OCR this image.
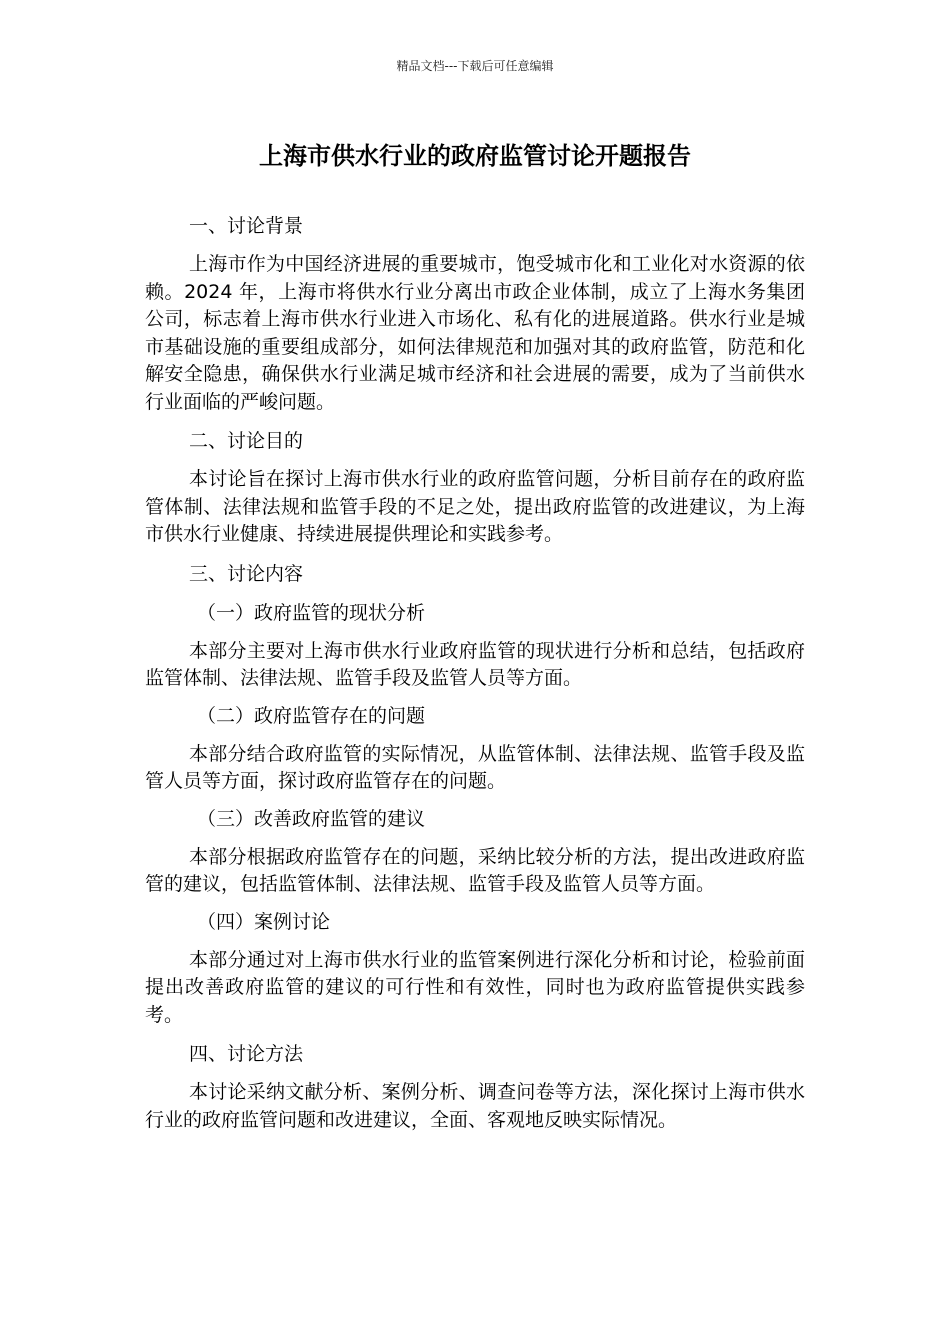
精品文档---下载后可任意编辑
上海市供水行业的政府监管讨论开题报告
一、讨论背景

上海市作为中国经济进展的重要城市，饱受城市化和工业化对水资源的依赖。2024 年，上海市将供水行业分离出市政企业体制，成立了上海水务集团公司，标志着上海市供水行业进入市场化、私有化的进展道路。供水行业是城市基础设施的重要组成部分，如何法律规范和加强对其的政府监管，防范和化解安全隐患，确保供水行业满足城市经济和社会进展的需要，成为了当前供水行业面临的严峻问题。

二、讨论目的

本讨论旨在探讨上海市供水行业的政府监管问题，分析目前存在的政府监管体制、法律法规和监管手段的不足之处，提出政府监管的改进建议，为上海市供水行业健康、持续进展提供理论和实践参考。

三、讨论内容
（一）政府监管的现状分析

本部分主要对上海市供水行业政府监管的现状进行分析和总结，包括政府监管体制、法律法规、监管手段及监管人员等方面。

（二）政府监管存在的问题

本部分结合政府监管的实际情况，从监管体制、法律法规、监管手段及监管人员等方面，探讨政府监管存在的问题。

（三）改善政府监管的建议

本部分根据政府监管存在的问题，采纳比较分析的方法，提出改进政府监管的建议，包括监管体制、法律法规、监管手段及监管人员等方面。

（四）案例讨论

本部分通过对上海市供水行业的监管案例进行深化分析和讨论，检验前面提出改善政府监管的建议的可行性和有效性，同时也为政府监管提供实践参考。

四、讨论方法

本讨论采纳文献分析、案例分析、调查问卷等方法，深化探讨上海市供水行业的政府监管问题和改进建议，全面、客观地反映实际情况。
